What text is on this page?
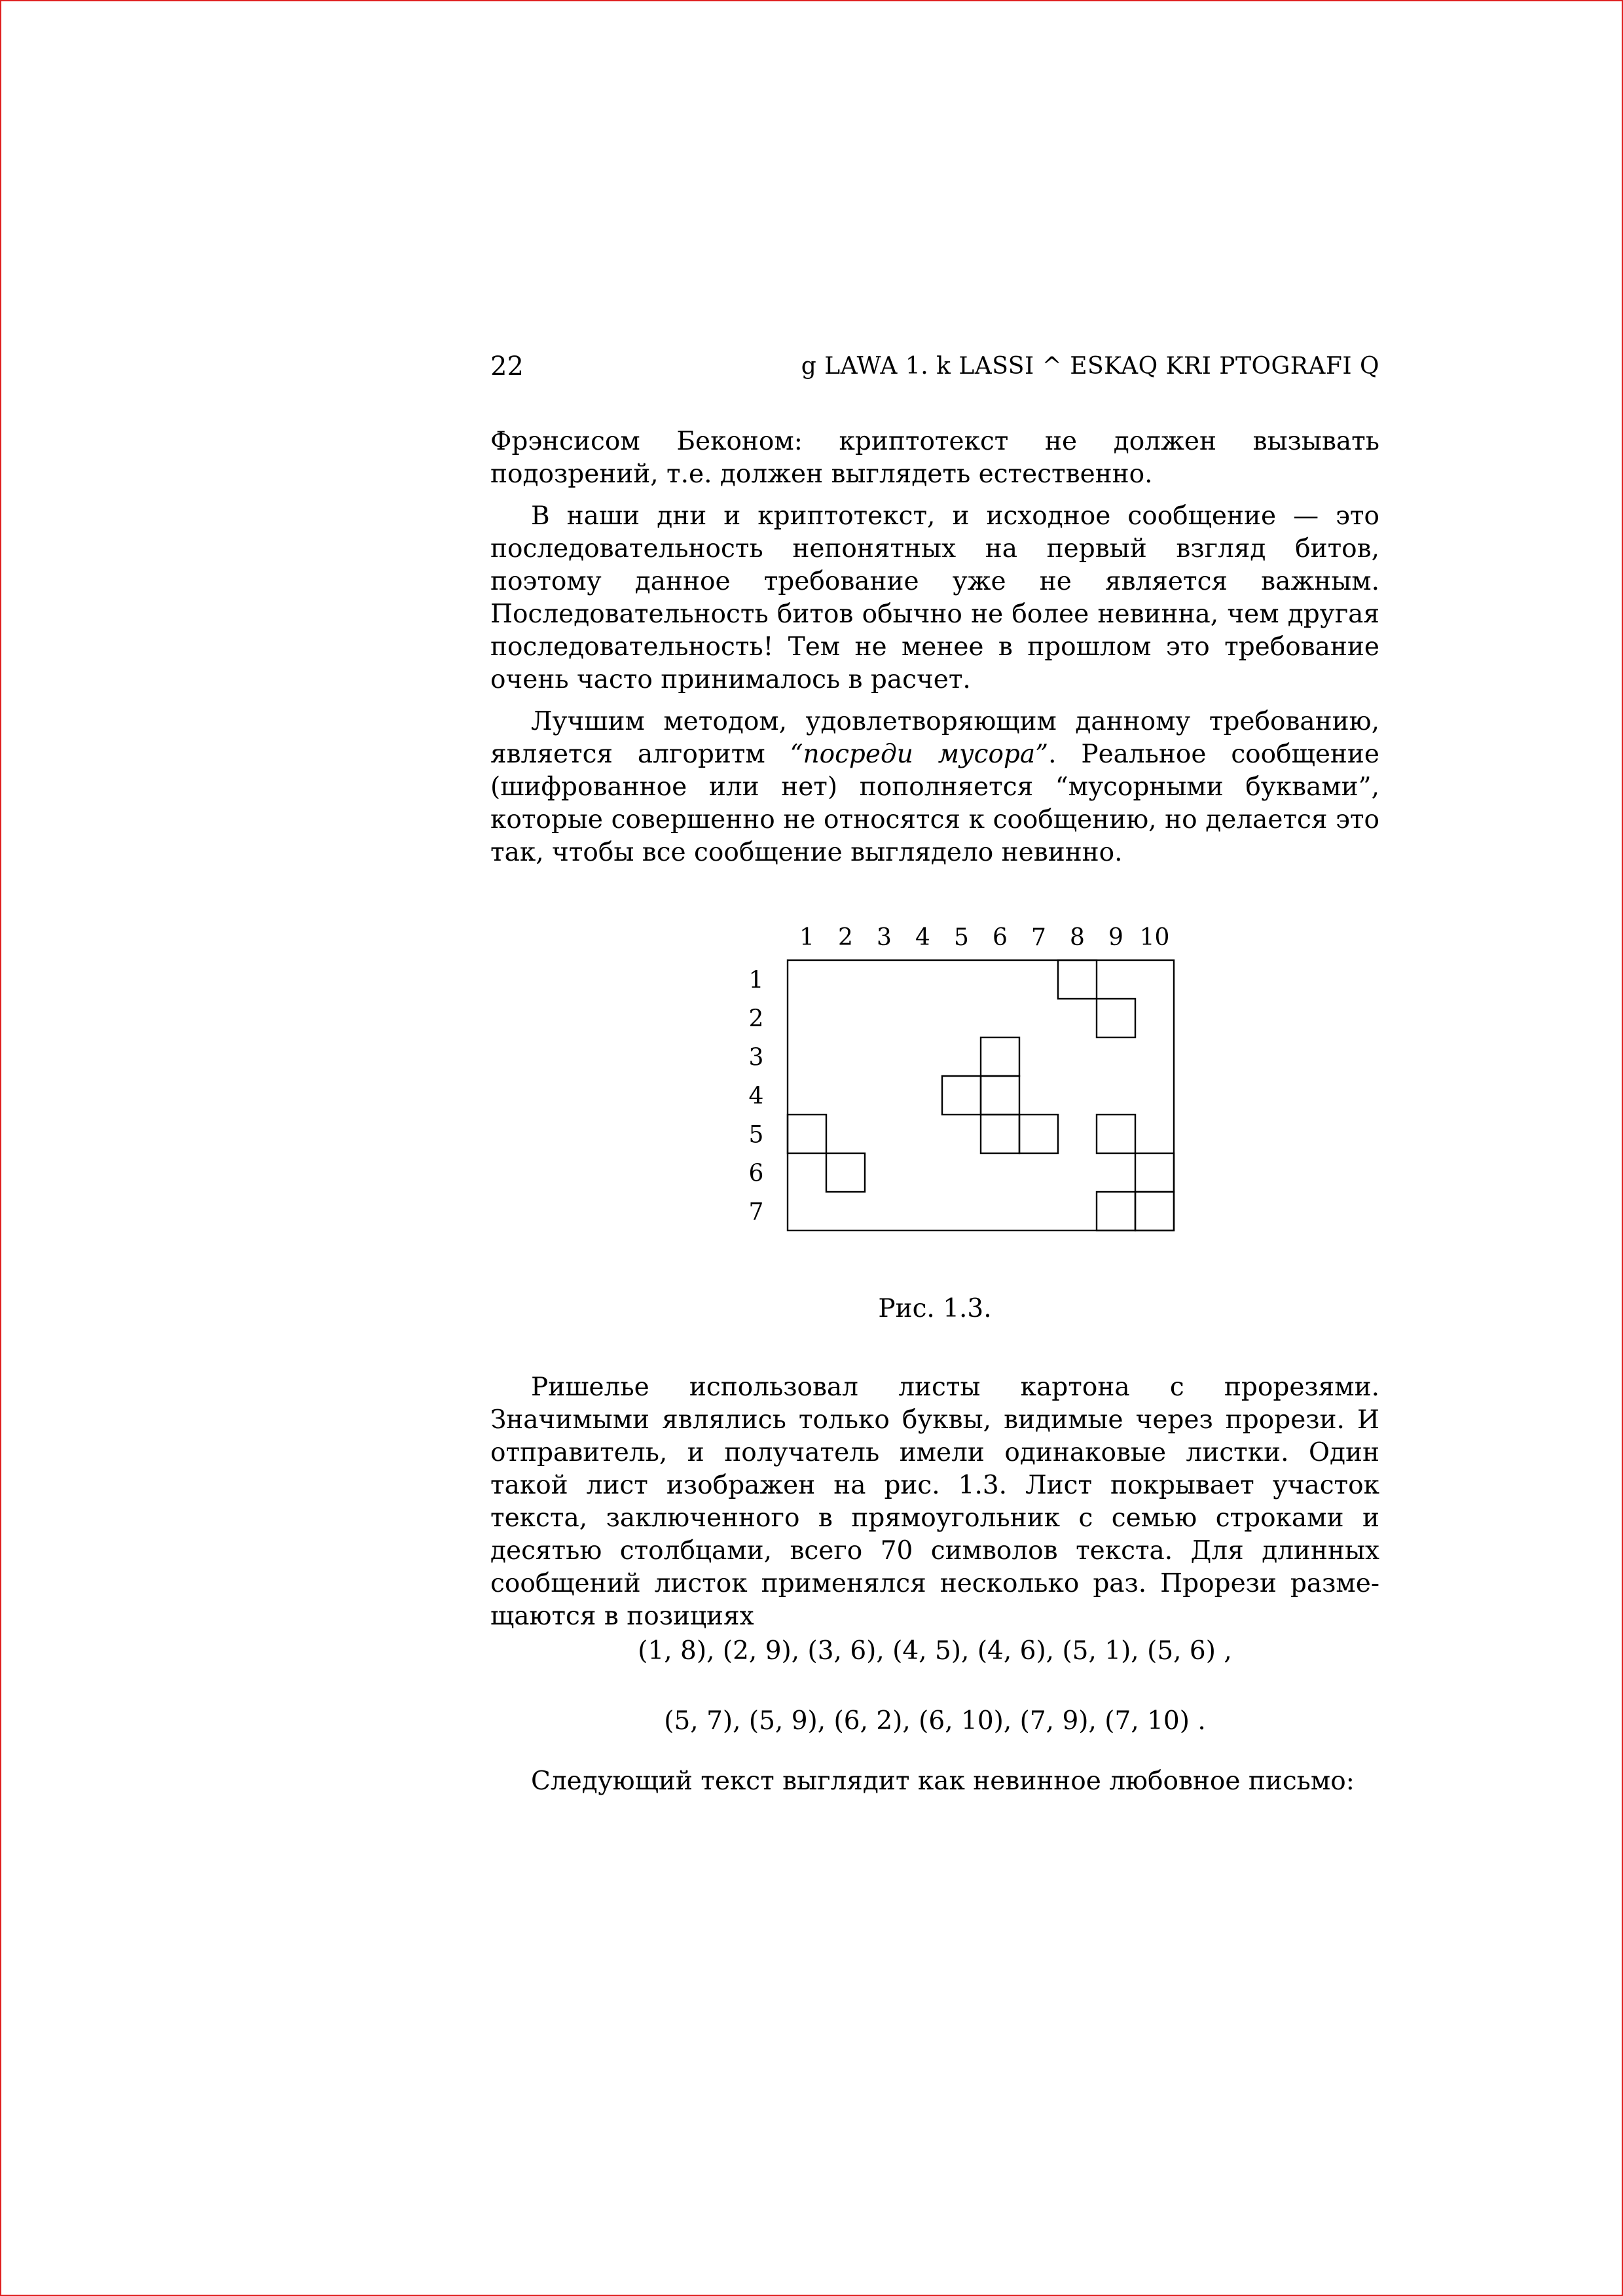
22	g LAWA 1. k LASSI ^ ESKAQ KRI PTOGRAFI Q

Фрэнсисом Беконом: криптотекст не должен вызывать подозрений, т.е. должен выглядеть естественно.

В наши дни и криптотекст, и исходное сообщение — это последовательность непонятных на первый взгляд битов, поэтому данное требование уже не является важным. Последовательность битов обычно не более невинна, чем другая последовательность! Тем не менее в прошлом это требование очень часто принималось в расчет.

Лучшим методом, удовлетворяющим данному требованию, является алгоритм “посреди мусора”. Реальное сообщение (шифрованное или нет) пополняется “мусорными буквами”, которые совершенно не относятся к сообщению, но делается это так, чтобы все сообщение выглядело невинно.

1 2 3 4 5 6 7 8 9 10
1
2
3
4
5
6
7
Рис. 1.3.

Ришелье использовал листы картона с прорезями. Значимыми являлись только буквы, видимые через прорези. И отправитель, и получатель имели одинаковые листки. Один такой лист изображен на рис. 1.3. Лист покрывает участок текста, заключенного в прямоугольник с семью строками и десятью столбцами, всего 70 символов текста. Для длинных сообщений листок применялся несколько раз. Прорези размещаются в позициях

(1, 8), (2, 9), (3, 6), (4, 5), (4, 6), (5, 1), (5, 6) ,
(5, 7), (5, 9), (6, 2), (6, 10), (7, 9), (7, 10) .

Следующий текст выглядит как невинное любовное письмо:
